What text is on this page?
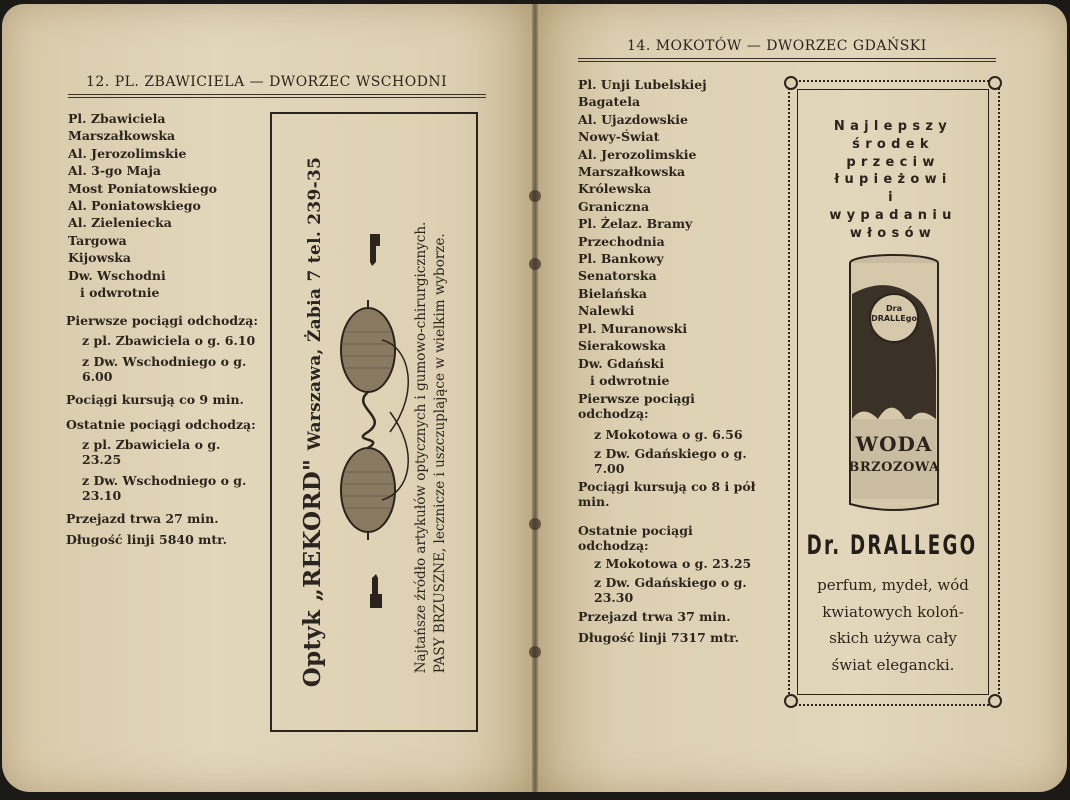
12. PL. ZBAWICIELA — DWORZEC WSCHODNI
Pl. Zbawiciela
Marszałkowska
Al. Jerozolimskie
Al. 3-go Maja
Most Poniatowskiego
Al. Poniatowskiego
Al. Zieleniecka
Targowa
Kijowska
Dw. Wschodni
i odwrotnie

Pierwsze pociągi odchodzą:

z pl. Zbawiciela o g. 6.10

z Dw. Wschodniego o g. 6.00

Pociągi kursują co 9 min.

Ostatnie pociągi odchodzą:

z pl. Zbawiciela o g. 23.25

z Dw. Wschodniego o g. 23.10

Przejazd trwa 27 min.

Długość linji 5840 mtr.	Optyk „REKORD" Warszawa, Żabia 7 tel. 239-35	Najtańsze źródło artykułów optycznych i gumowo-chirurgicznych. PASY BRZUSZNE, lecznicze i uszczuplające w wielkim wyborze.
14. MOKOTÓW — DWORZEC GDAŃSKI
Pl. Unji Lubelskiej
Bagatela
Al. Ujazdowskie
Nowy-Świat
Al. Jerozolimskie
Marszałkowska
Królewska
Graniczna
Pl. Żelaz. Bramy
Przechodnia
Pl. Bankowy
Senatorska
Bielańska
Nalewki
Pl. Muranowski
Sierakowska
Dw. Gdański
i odwrotnie

Pierwsze pociągi odchodzą:

z Mokotowa o g. 6.56

z Dw. Gdańskiego o g. 7.00

Pociągi kursują co 8 i pół min.

Ostatnie pociągi odchodzą:

z Mokotowa o g. 23.25

z Dw. Gdańskiego o g. 23.30

Przejazd trwa 37 min.

Długość linji 7317 mtr.

Najlepszy
środek
przeciw
łupieżowi
i
wypadaniu
włosów
Dra DRALLEgo
WODA
BRZOZOWA
Dr. DRALLEGO
perfum, mydeł, wód
kwiatowych koloń-
skich używa cały
świat elegancki.
